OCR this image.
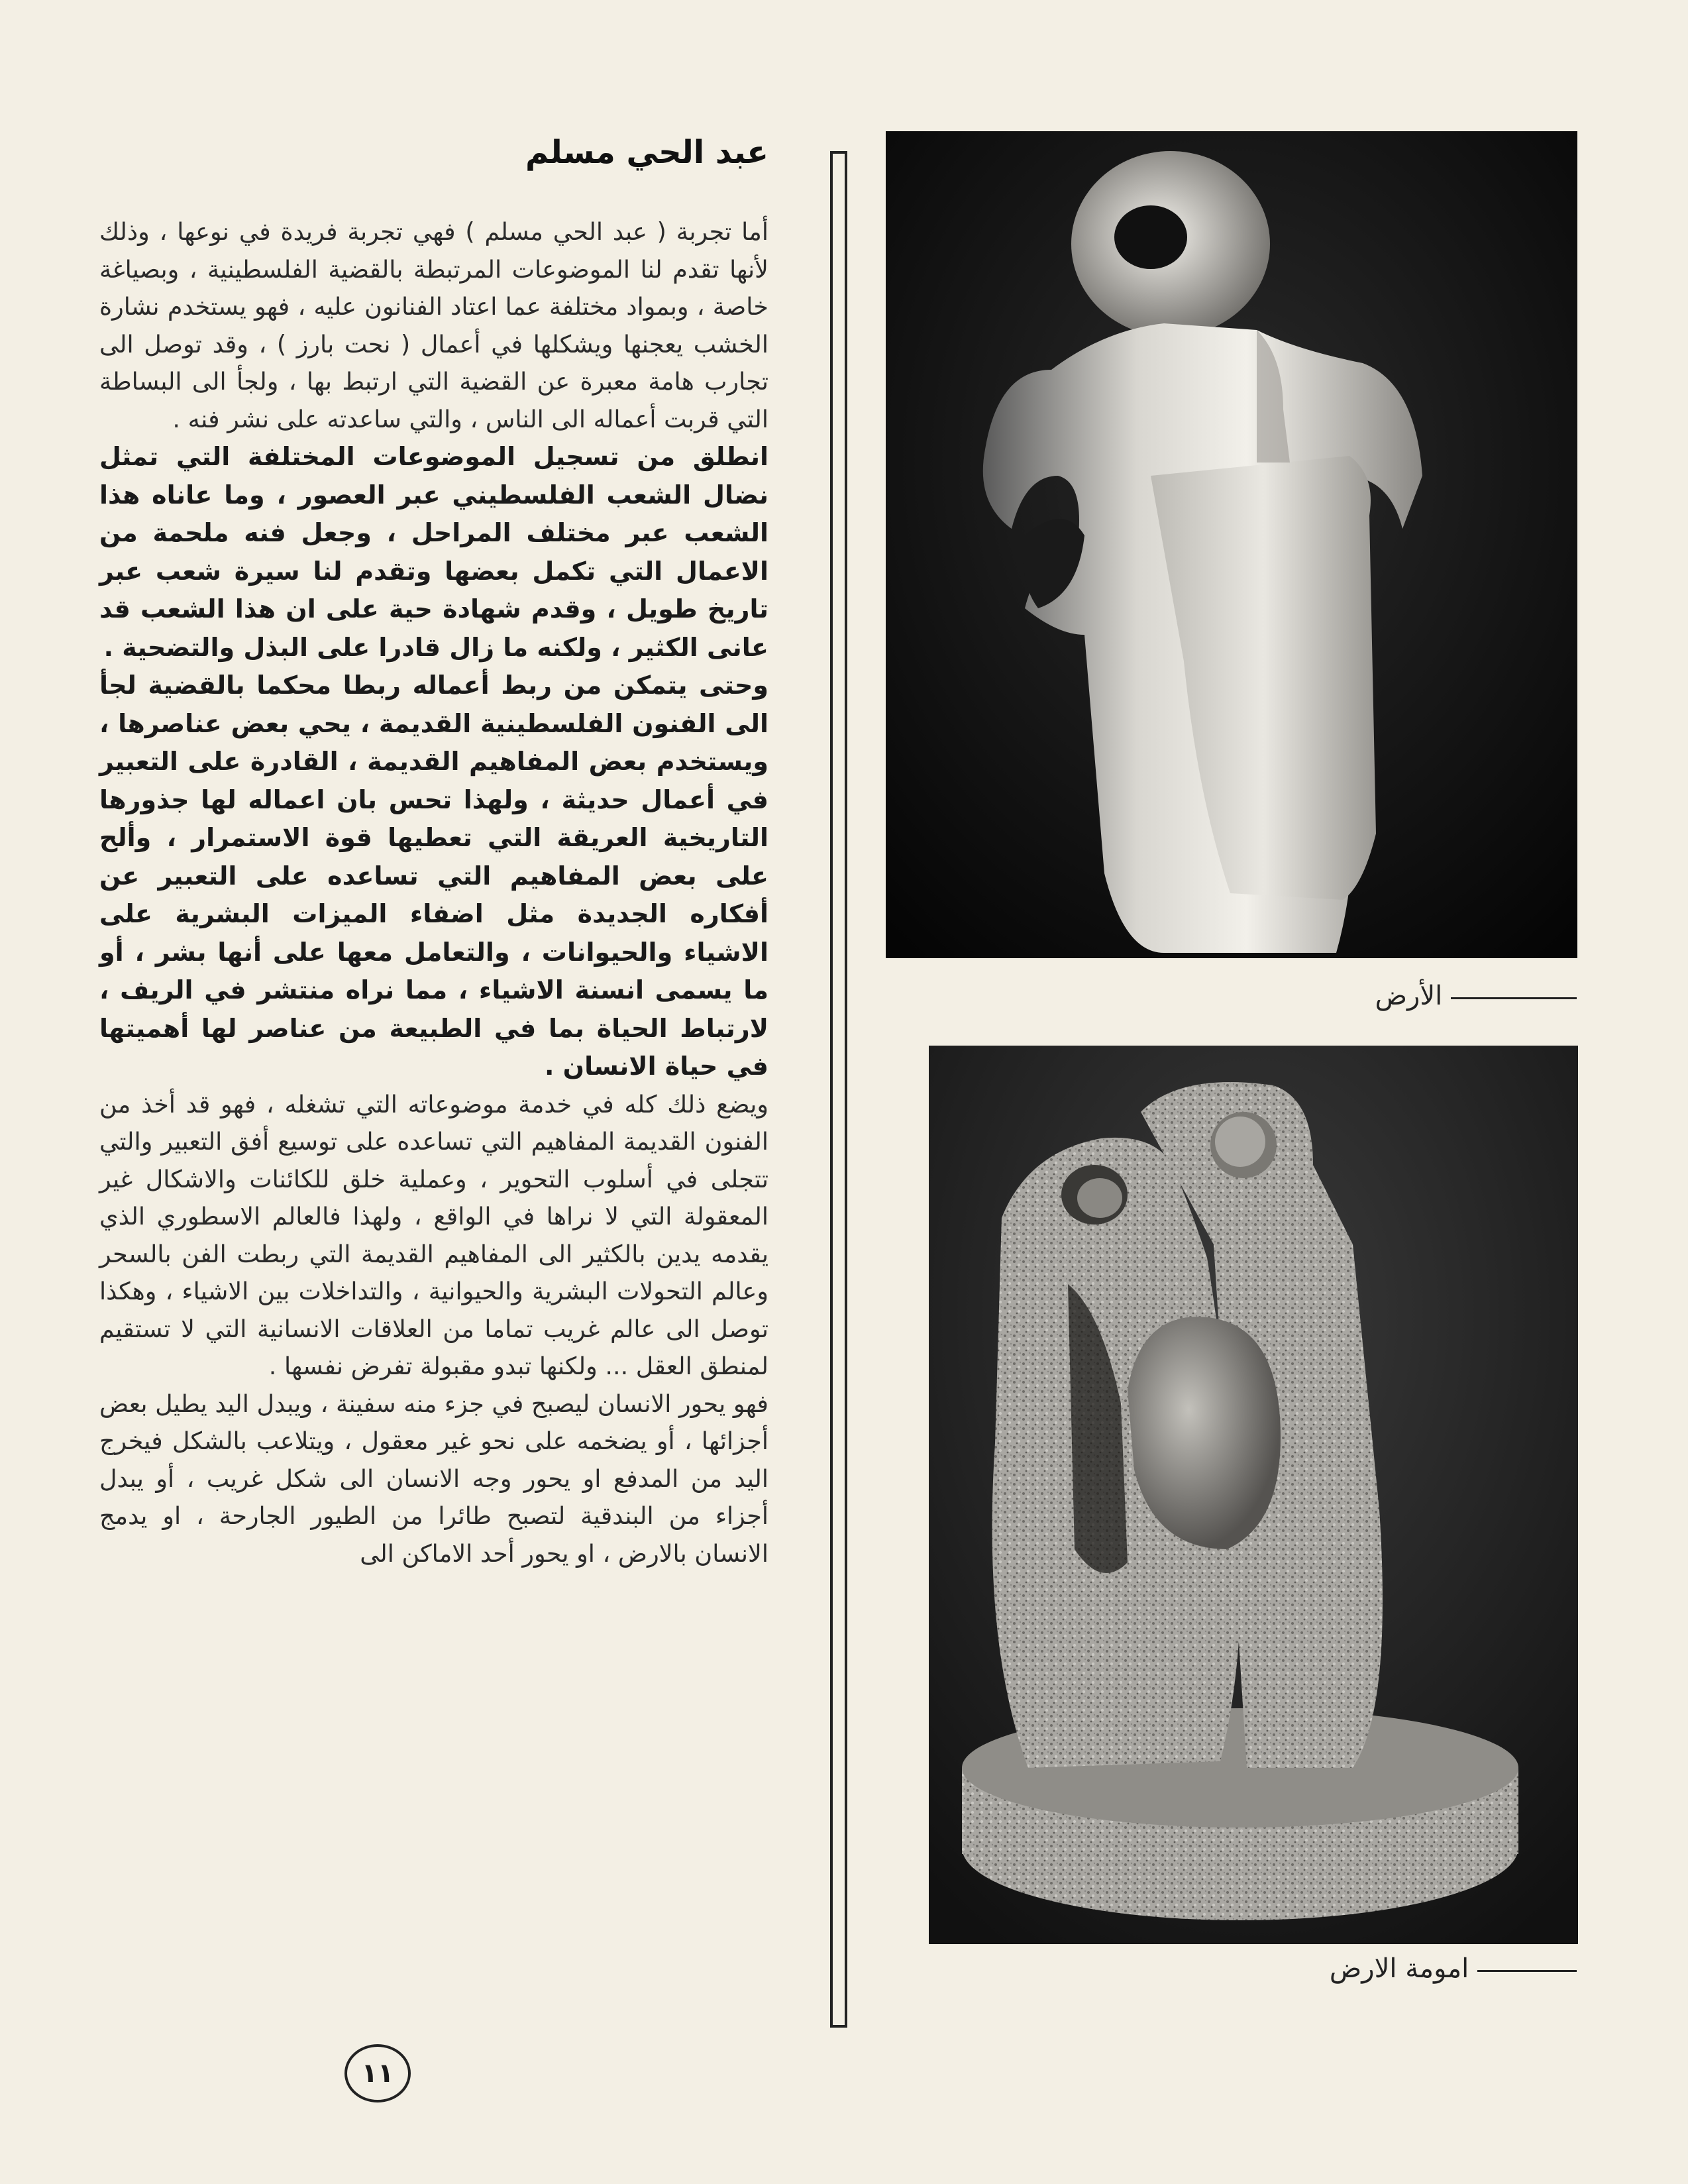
عبد الحي مسلم

أما تجربة ( عبد الحي مسلم ) فهي تجربة فريدة في نوعها ، وذلك لأنها تقدم لنا الموضوعات المرتبطة بالقضية الفلسطينية ، وبصياغة خاصة ، وبمواد مختلفة عما اعتاد الفنانون عليه ، فهو يستخدم نشارة الخشب يعجنها ويشكلها في أعمال ( نحت بارز ) ، وقد توصل الى تجارب هامة معبرة عن القضية التي ارتبط بها ، ولجأ الى البساطة التي قربت أعماله الى الناس ، والتي ساعدته على نشر فنه .

انطلق من تسجيل الموضوعات المختلفة التي تمثل نضال الشعب الفلسطيني عبر العصور ، وما عاناه هذا الشعب عبر مختلف المراحل ، وجعل فنه ملحمة من الاعمال التي تكمل بعضها وتقدم لنا سيرة شعب عبر تاريخ طويل ، وقدم شهادة حية على ان هذا الشعب قد عانى الكثير ، ولكنه ما زال قادرا على البذل والتضحية .

وحتى يتمكن من ربط أعماله ربطا محكما بالقضية لجأ الى الفنون الفلسطينية القديمة ، يحي بعض عناصرها ، ويستخدم بعض المفاهيم القديمة ، القادرة على التعبير في أعمال حديثة ، ولهذا تحس بان اعماله لها جذورها التاريخية العريقة التي تعطيها قوة الاستمرار ، وألح على بعض المفاهيم التي تساعده على التعبير عن أفكاره الجديدة مثل اضفاء الميزات البشرية على الاشياء والحيوانات ، والتعامل معها على أنها بشر ، أو ما يسمى انسنة الاشياء ، مما نراه منتشر في الريف ، لارتباط الحياة بما في الطبيعة من عناصر لها أهميتها في حياة الانسان .

ويضع ذلك كله في خدمة موضوعاته التي تشغله ، فهو قد أخذ من الفنون القديمة المفاهيم التي تساعده على توسيع أفق التعبير والتي تتجلى في أسلوب التحوير ، وعملية خلق للكائنات والاشكال غير المعقولة التي لا نراها في الواقع ، ولهذا فالعالم الاسطوري الذي يقدمه يدين بالكثير الى المفاهيم القديمة التي ربطت الفن بالسحر وعالم التحولات البشرية والحيوانية ، والتداخلات بين الاشياء ، وهكذا توصل الى عالم غريب تماما من العلاقات الانسانية التي لا تستقيم لمنطق العقل ... ولكنها تبدو مقبولة تفرض نفسها .

فهو يحور الانسان ليصبح في جزء منه سفينة ، ويبدل اليد يطيل بعض أجزائها ، أو يضخمه على نحو غير معقول ، ويتلاعب بالشكل فيخرج اليد من المدفع او يحور وجه الانسان الى شكل غريب ، أو يبدل أجزاء من البندقية لتصبح طائرا من الطيور الجارحة ، او يدمج الانسان بالارض ، او يحور أحد الاماكن الى

الأرض
امومة الارض
١١
